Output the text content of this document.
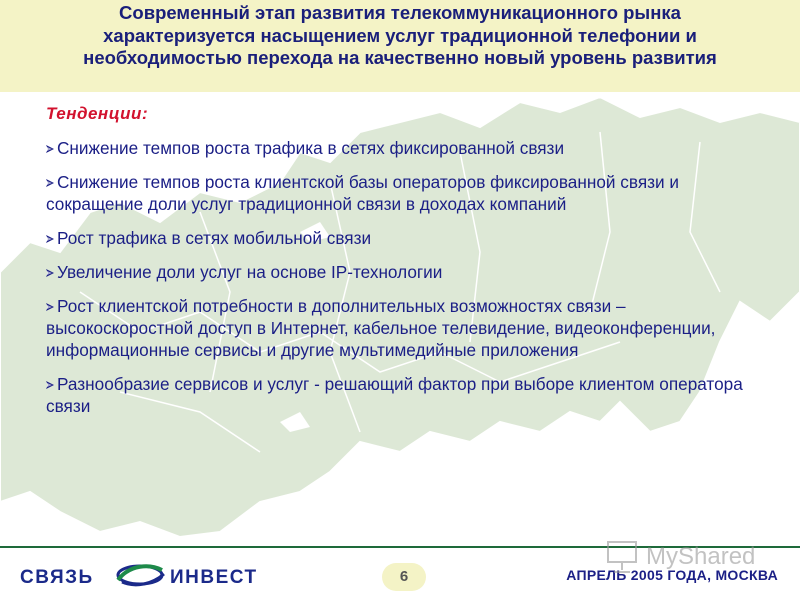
Современный этап развития телекоммуникационного рынка
характеризуется насыщением услуг традиционной телефонии и
необходимостью перехода на качественно новый уровень развития
Тенденции:
Снижение темпов роста трафика в сетях фиксированной связи
Снижение темпов роста клиентской базы операторов фиксированной связи и сокращение доли услуг традиционной связи в доходах компаний
Рост трафика в сетях мобильной связи
Увеличение доли услуг на основе IP-технологии
Рост клиентской потребности в дополнительных возможностях связи – высокоскоростной доступ в Интернет, кабельное телевидение, видеоконференции, информационные сервисы и другие мультимедийные приложения
Разнообразие сервисов и услуг - решающий фактор при выборе клиентом оператора связи
СВЯЗЬ	ИНВЕСТ	6	АПРЕЛЬ 2005 ГОДА, МОСКВА
MyShared
